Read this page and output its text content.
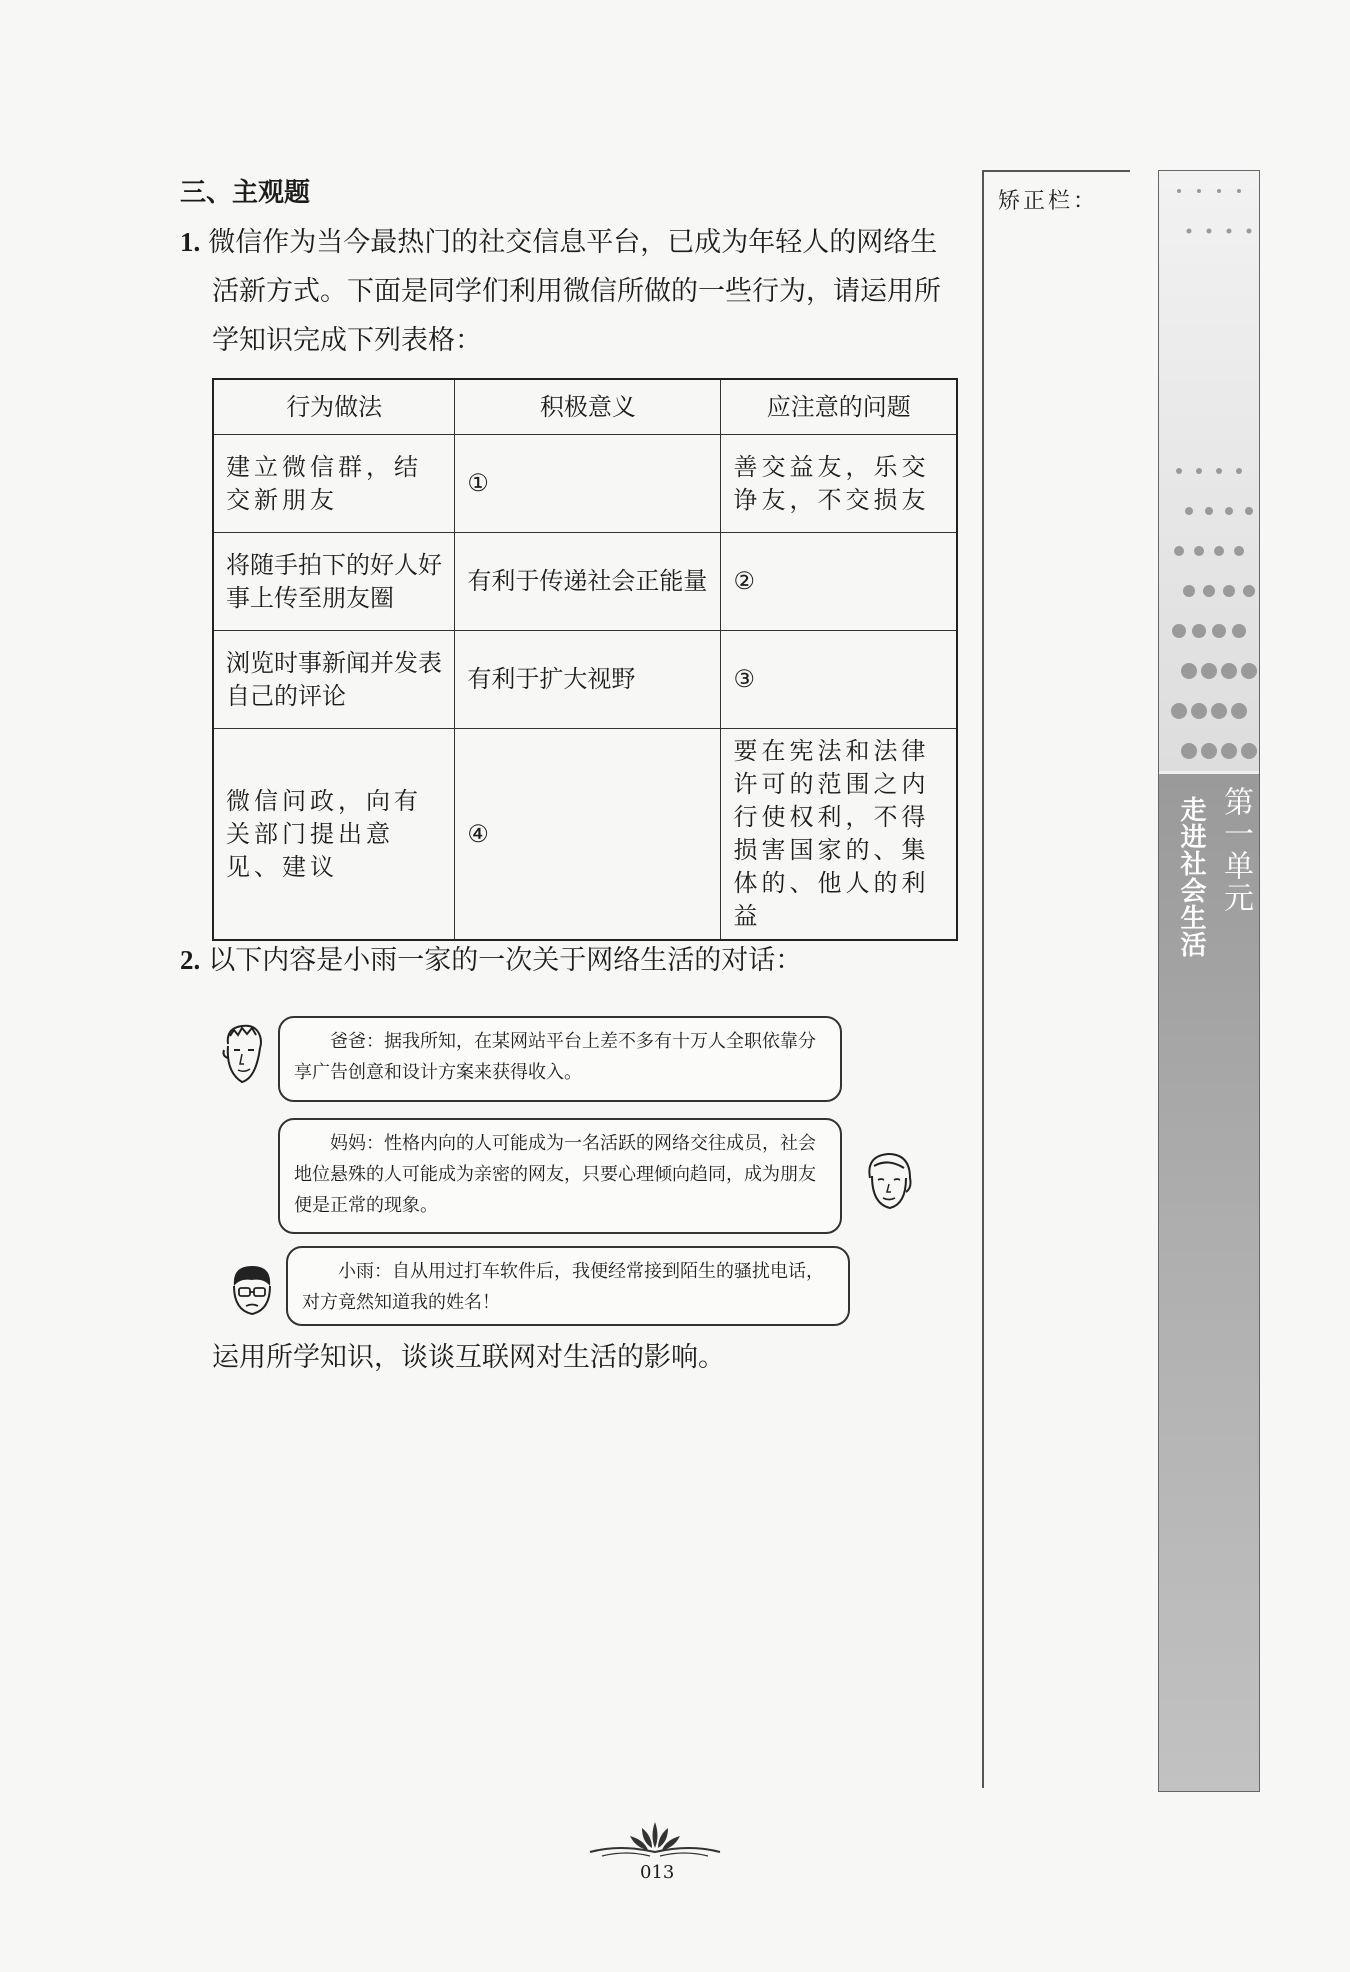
三、主观题
1. 微信作为当今最热门的社交信息平台，已成为年轻人的网络生
活新方式。下面是同学们利用微信所做的一些行为，请运用所
学知识完成下列表格：
行为做法	积极意义	应注意的问题
建立微信群，结交新朋友	①	善交益友，乐交诤友，不交损友
将随手拍下的好人好事上传至朋友圈	有利于传递社会正能量	②
浏览时事新闻并发表自己的评论	有利于扩大视野	③
微信问政，向有关部门提出意见、建议	④	要在宪法和法律许可的范围之内行使权利，不得损害国家的、集体的、他人的利益
2. 以下内容是小雨一家的一次关于网络生活的对话：
爸爸：据我所知，在某网站平台上差不多有十万人全职依靠分享广告创意和设计方案来获得收入。
妈妈：性格内向的人可能成为一名活跃的网络交往成员，社会地位悬殊的人可能成为亲密的网友，只要心理倾向趋同，成为朋友便是正常的现象。
小雨：自从用过打车软件后，我便经常接到陌生的骚扰电话，对方竟然知道我的姓名！
运用所学知识，谈谈互联网对生活的影响。
矫正栏：
第一单元
走进社会生活
013
